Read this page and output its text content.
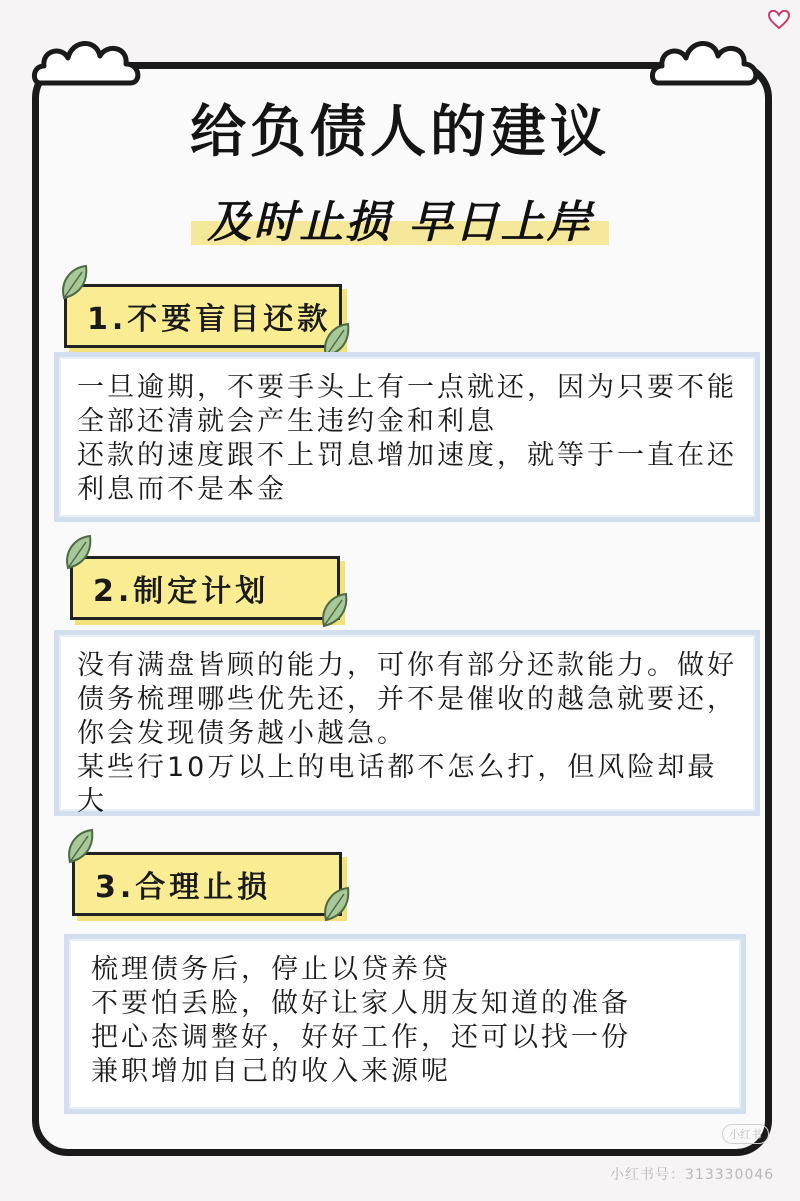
给负债人的建议
及时止损 早日上岸
1.不要盲目还款

一旦逾期，不要手头上有一点就还，因为只要不能全部还清就会产生违约金和利息

还款的速度跟不上罚息增加速度，就等于一直在还利息而不是本金

2.制定计划

没有满盘皆顾的能力，可你有部分还款能力。做好债务梳理哪些优先还，并不是催收的越急就要还，你会发现债务越小越急。

某些行10万以上的电话都不怎么打，但风险却最大

3.合理止损

梳理债务后，停止以贷养贷

不要怕丢脸，做好让家人朋友知道的准备

把心态调整好，好好工作，还可以找一份

兼职增加自己的收入来源呢

小红书
小红书号：313330046
